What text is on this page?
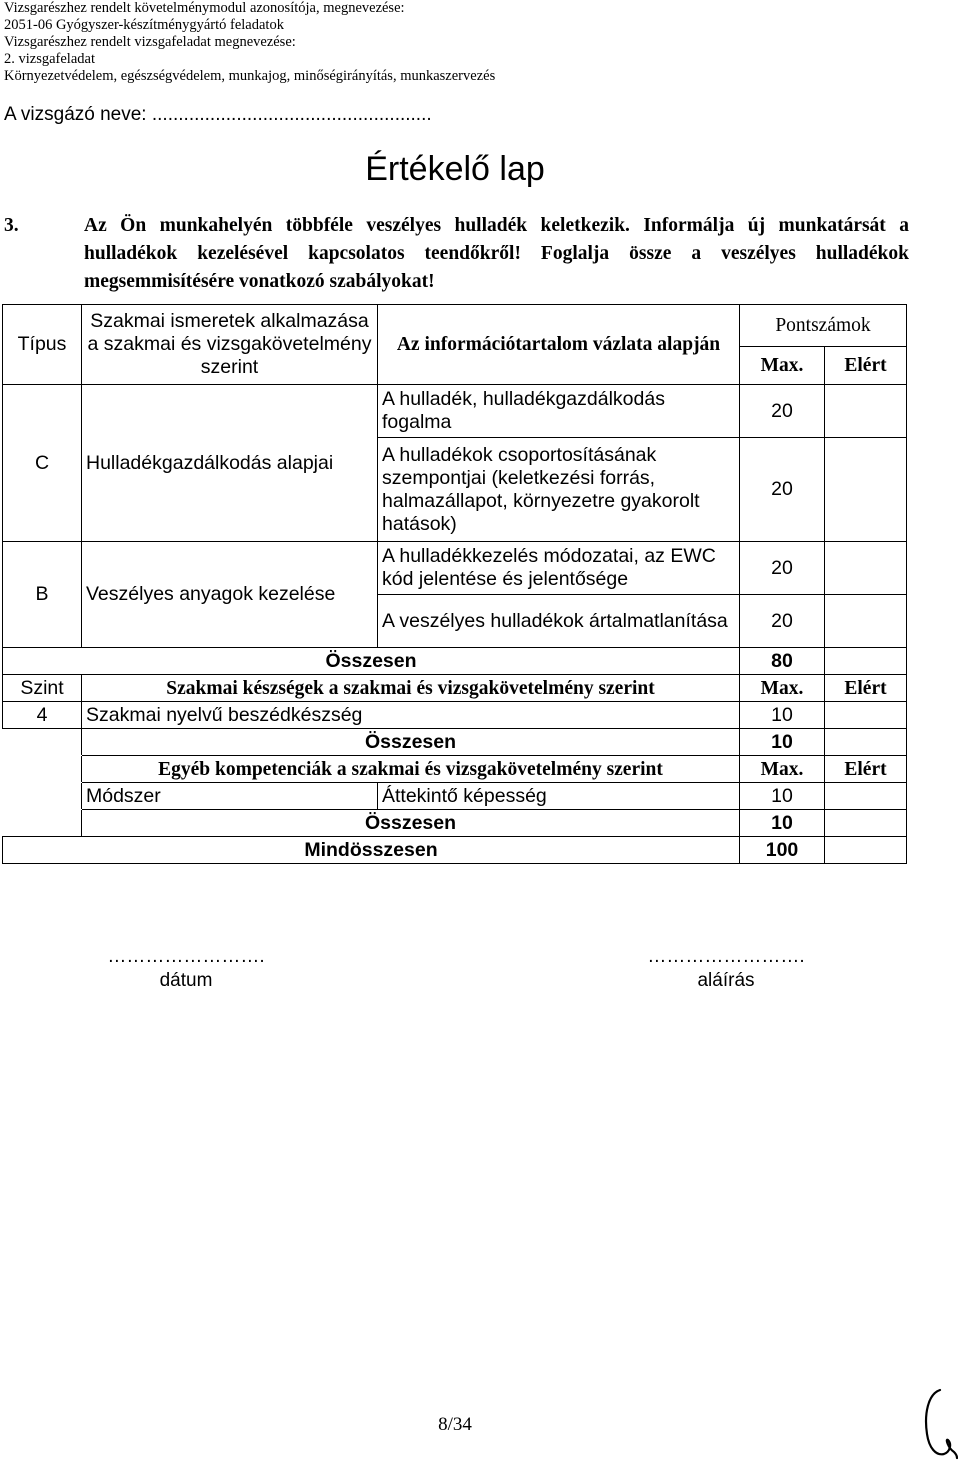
Vizsgarészhez rendelt követelménymodul azonosítója, megnevezése:
2051-06 Gyógyszer-készítménygyártó feladatok
Vizsgarészhez rendelt vizsgafeladat megnevezése:
2. vizsgafeladat
Környezetvédelem, egészségvédelem, munkajog, minőségirányítás, munkaszervezés
A vizsgázó neve: .....................................................
Értékelő lap
3.	Az Ön munkahelyén többféle veszélyes hulladék keletkezik. Informálja új munkatársát a hulladékok kezelésével kapcsolatos teendőkről! Foglalja össze a veszélyes hulladékok megsemmisítésére vonatkozó szabályokat!
Típus	Szakmai ismeretek alkalmazása a szakmai és vizsgakövetelmény szerint	Az információtartalom vázlata alapján	Pontszámok	
			Max.	Elért
C	Hulladékgazdálkodás alapjai	A hulladék, hulladékgazdálkodás fogalma	20	
		A hulladékok csoportosításának szempontjai (keletkezési forrás, halmazállapot, környezetre gyakorolt hatások)	20	
B	Veszélyes anyagok kezelése	A hulladékkezelés módozatai, az EWC kód jelentése és jelentősége	20	
		A veszélyes hulladékok ártalmatlanítása	20	
Összesen			80	
Szint	Szakmai készségek a szakmai és vizsgakövetelmény szerint		Max.	Elért
4	Szakmai nyelvű beszédkészség		10	
	Összesen		10	
	Egyéb kompetenciák a szakmai és vizsgakövetelmény szerint		Max.	Elért
	Módszer	Áttekintő képesség	10	
	Összesen		10	
Mindösszesen			100	
…………………….
dátum
…………………….
aláírás
8/34
